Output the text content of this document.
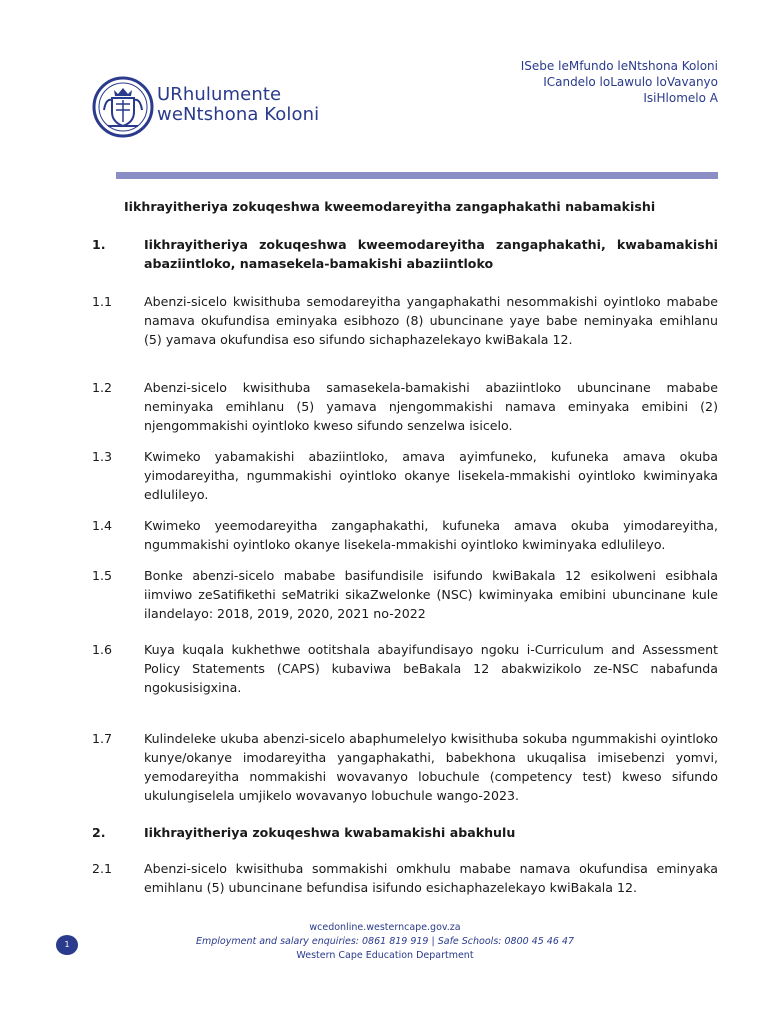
URhulumente
weNtshona Koloni
ISebe leMfundo leNtshona Koloni
ICandelo loLawulo loVavanyo
IsiHlomelo A
Iikhrayitheriya zokuqeshwa kweemodareyitha zangaphakathi nabamakishi
1.	Iikhrayitheriya zokuqeshwa kweemodareyitha zangaphakathi, kwabamakishi abaziintloko, namasekela-bamakishi abaziintloko
1.1	Abenzi-sicelo kwisithuba semodareyitha yangaphakathi nesommakishi oyintloko mababe namava okufundisa eminyaka esibhozo (8) ubuncinane yaye babe neminyaka emihlanu (5) yamava okufundisa eso sifundo sichaphazelekayo kwiBakala 12.
1.2	Abenzi-sicelo kwisithuba samasekela-bamakishi abaziintloko ubuncinane mababe neminyaka emihlanu (5) yamava njengommakishi namava eminyaka emibini (2) njengommakishi oyintloko kweso sifundo senzelwa isicelo.
1.3	Kwimeko yabamakishi abaziintloko, amava ayimfuneko, kufuneka amava okuba yimodareyitha, ngummakishi oyintloko okanye lisekela-mmakishi oyintloko kwiminyaka edlulileyo.
1.4	Kwimeko yeemodareyitha zangaphakathi, kufuneka amava okuba yimodareyitha, ngummakishi oyintloko okanye lisekela-mmakishi oyintloko kwiminyaka edlulileyo.
1.5	Bonke abenzi-sicelo mababe basifundisile isifundo kwiBakala 12 esikolweni esibhala iimviwo zeSatifikethi seMatriki sikaZwelonke (NSC) kwiminyaka emibini ubuncinane kule ilandelayo: 2018, 2019, 2020, 2021 no-2022
1.6	Kuya kuqala kukhethwe ootitshala abayifundisayo ngoku i-Curriculum and Assessment Policy Statements (CAPS) kubaviwa beBakala 12 abakwizikolo ze-NSC nabafunda ngokusisigxina.
1.7	Kulindeleke ukuba abenzi-sicelo abaphumelelyo kwisithuba sokuba ngummakishi oyintloko kunye/okanye imodareyitha yangaphakathi, babekhona ukuqalisa imisebenzi yomvi, yemodareyitha nommakishi wovavanyo lobuchule (competency test) kweso sifundo ukulungiselela umjikelo wovavanyo lobuchule wango-2023.
2.	Iikhrayitheriya zokuqeshwa kwabamakishi abakhulu
2.1	Abenzi-sicelo kwisithuba sommakishi omkhulu mababe namava okufundisa eminyaka emihlanu (5) ubuncinane befundisa isifundo esichaphazelekayo kwiBakala 12.
1
wcedonline.westerncape.gov.za
Employment and salary enquiries: 0861 819 919 | Safe Schools: 0800 45 46 47
Western Cape Education Department
